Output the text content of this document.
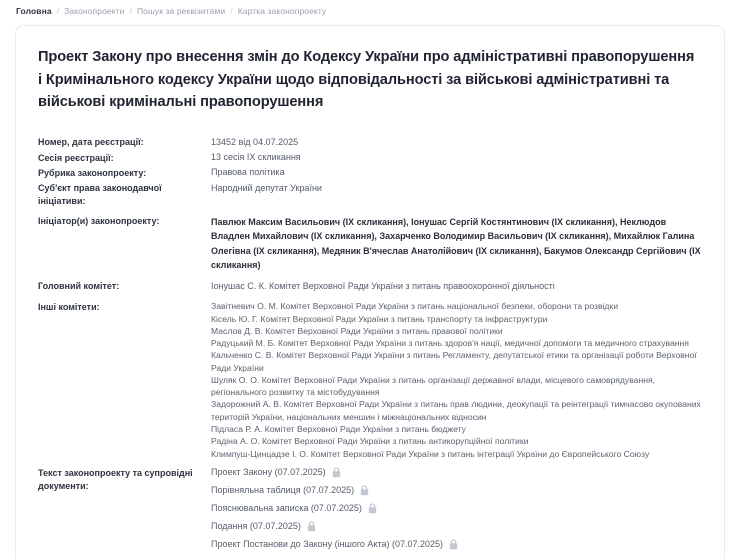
Головна / Законопроекти / Пошук за реквізитами / Картка законопроекту
Проект Закону про внесення змін до Кодексу України про адміністративні правопорушення і Кримінального кодексу України щодо відповідальності за військові адміністративні та військові кримінальні правопорушення
Номер, дата реєстрації:	13452 від 04.07.2025
Сесія реєстрації:	13 сесія IX скликання
Рубрика законопроекту:	Правова політика
Суб'єкт права законодавчої ініціативи:
Народний депутат України
Ініціатор(и) законопроекту:	Павлюк Максим Васильович (IX скликання), Іонушас Сергій Костянтинович (IX скликання), Неклюдов Владлен Михайлович (IX скликання), Захарченко Володимир Васильович (IX скликання), Михайлюк Галина Олегівна (IX скликання), Медяник В'ячеслав Анатолійович (IX скликання), Бакумов Олександр Сергійович (IX скликання)
Головний комітет:	Іонушас С. К. Комітет Верховної Ради України з питань правоохоронної діяльності
Інші комітети:	Завітневич О. М. Комітет Верховної Ради України з питань національної безпеки, оборони та розвідки
Кісель Ю. Г. Комітет Верховної Ради України з питань транспорту та інфраструктури
Маслов Д. В. Комітет Верховної Ради України з питань правової політики
Радуцький М. Б. Комітет Верховної Ради України з питань здоров'я нації, медичної допомоги та медичного страхування
Кальченко С. В. Комітет Верховної Ради України з питань Регламенту, депутатської етики та організації роботи Верховної Ради України
Шуляк О. О. Комітет Верховної Ради України з питань організації державної влади, місцевого самоврядування, регіонального розвитку та містобудування
Задорожний А. В. Комітет Верховної Ради України з питань прав людини, деокупації та реінтеграції тимчасово окупованих територій України, національних меншин і міжнаціональних відносин
Підласа Р. А. Комітет Верховної Ради України з питань бюджету
Радіна А. О. Комітет Верховної Ради України з питань антикорупційної політики
Климпуш-Цинцадзе І. О. Комітет Верховної Ради України з питань інтеграції України до Європейського Союзу
Текст законопроекту та супровідні документи:
Проект Закону (07.07.2025)
Порівняльна таблиця (07.07.2025)
Пояснювальна записка (07.07.2025)
Подання (07.07.2025)
Проект Постанови до Закону (іншого Акта) (07.07.2025)
